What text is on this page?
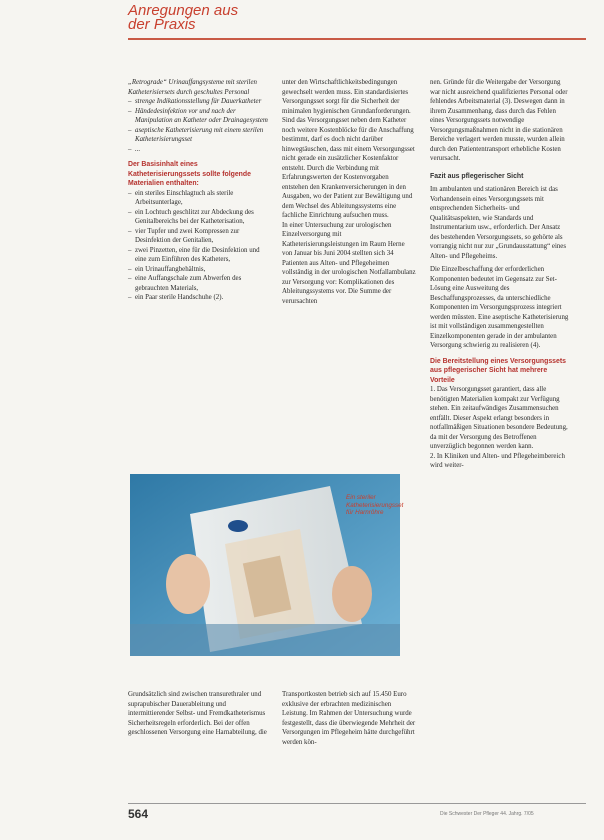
Anregungen aus
der Praxis

„Retrograde“ Urinauffangsysteme mit sterilen Katheterisiersets durch geschultes Personal

– strenge Indikationsstellung für Dauerkatheter

– Händedesinfektion vor und nach der Manipulation an Katheter oder Drainagesystem

– aseptische Katheterisierung mit einem sterilen Katheterisierungsset

– ...

Der Basisinhalt eines Katheterisierungssets sollte folgende Materialien enthalten:

– ein steriles Einschlagtuch als sterile Arbeitsunterlage,

– ein Lochtuch geschlitzt zur Abdeckung des Genitalbereichs bei der Katheterisation,

– vier Tupfer und zwei Kompressen zur Desinfektion der Genitalien,

– zwei Pinzetten, eine für die Desinfektion und eine zum Einführen des Katheters,

– ein Urinauffangbehältnis,

– eine Auffangschale zum Abwerfen des gebrauchten Materials,

– ein Paar sterile Handschuhe (2).

unter den Wirtschaftlichkeitsbedingungen gewechselt werden muss. Ein standardisiertes Versorgungsset sorgt für die Sicherheit der minimalen hygienischen Grundanforderungen.

Sind das Versorgungsset neben dem Katheter noch weitere Kostenblöcke für die Anschaffung bestimmt, darf es doch nicht darüber hinwegtäuschen, dass mit einem Versorgungsset nicht gerade ein zusätzlicher Kostenfaktor entsteht. Durch die Verbindung mit Erfahrungswerten der Kostenvorgaben entstehen den Krankenversicherungen in den Ausgaben, wo der Patient zur Bewältigung und dem Wechsel des Ableitungssystems eine fachliche Einrichtung aufsuchen muss.

In einer Untersuchung zur urologischen Einzelversorgung mit Katheterisierungsleistungen im Raum Herne von Januar bis Juni 2004 stellten sich 34 Patienten aus Alten- und Pflegeheimen vollständig in der urologischen Notfallambulanz zur Versorgung vor: Komplikationen des Ableitungssystems vor. Die Summe der verursachten

nen. Gründe für die Weitergabe der Versorgung war nicht ausreichend qualifiziertes Personal oder fehlendes Arbeitsmaterial (3). Deswegen dann in ihrem Zusammenhang, dass durch das Fehlen eines Versorgungssets notwendige Versorgungsmaßnahmen nicht in die stationären Bereiche verlagert werden musste, wurden allein durch den Patiententransport erhebliche Kosten verursacht.

Fazit aus pflegerischer Sicht

Im ambulanten und stationären Bereich ist das Vorhandensein eines Versorgungssets mit entsprechenden Sicherheits- und Qualitätsaspekten, wie Standards und Instrumentarium usw., erforderlich. Der Ansatz des bestehenden Versorgungssets, so gehörte als vorrangig nicht nur zur „Grundausstattung“ eines Alten- und Pflegeheims.

Die Einzelbeschaffung der erforderlichen Komponenten bedeutet im Gegensatz zur Set-Lösung eine Ausweitung des Beschaffungsprozesses, da unterschiedliche Komponenten im Versorgungsprozess integriert werden müssten. Eine aseptische Katheterisierung ist mit vollständigen zusammengestellten Einzelkomponenten gerade in der ambulanten Versorgung schwierig zu realisieren (4).

Die Bereitstellung eines Versorgungssets aus pflegerischer Sicht hat mehrere Vorteile

1. Das Versorgungsset garantiert, dass alle benötigten Materialien kompakt zur Verfügung stehen. Ein zeitaufwändiges Zusammensuchen entfällt. Dieser Aspekt erlangt besonders in notfallmäßigen Situationen besondere Bedeutung, da mit der Versorgung des Betroffenen unverzüglich begonnen werden kann.

2. In Kliniken und Alten- und Pflegeheimbereich wird weiter-

Ein steriler Katheterisierungsset für Harnröhre

Grundsätzlich sind zwischen transurethraler und suprapubischer Dauerableitung und intermittierender Selbst- und Fremdkatheterismus Sicherheitsregeln erforderlich. Bei der offen geschlossenen Versorgung eine Harnabteilung, die

Transportkosten betrieb sich auf 15.450 Euro exklusive der erbrachten medizinischen Leistung. Im Rahmen der Untersuchung wurde festgestellt, dass die überwiegende Mehrheit der Versorgungen im Pflegeheim hätte durchgeführt werden kön-

564	Die Schwester Der Pfleger 44. Jahrg. 7/05
